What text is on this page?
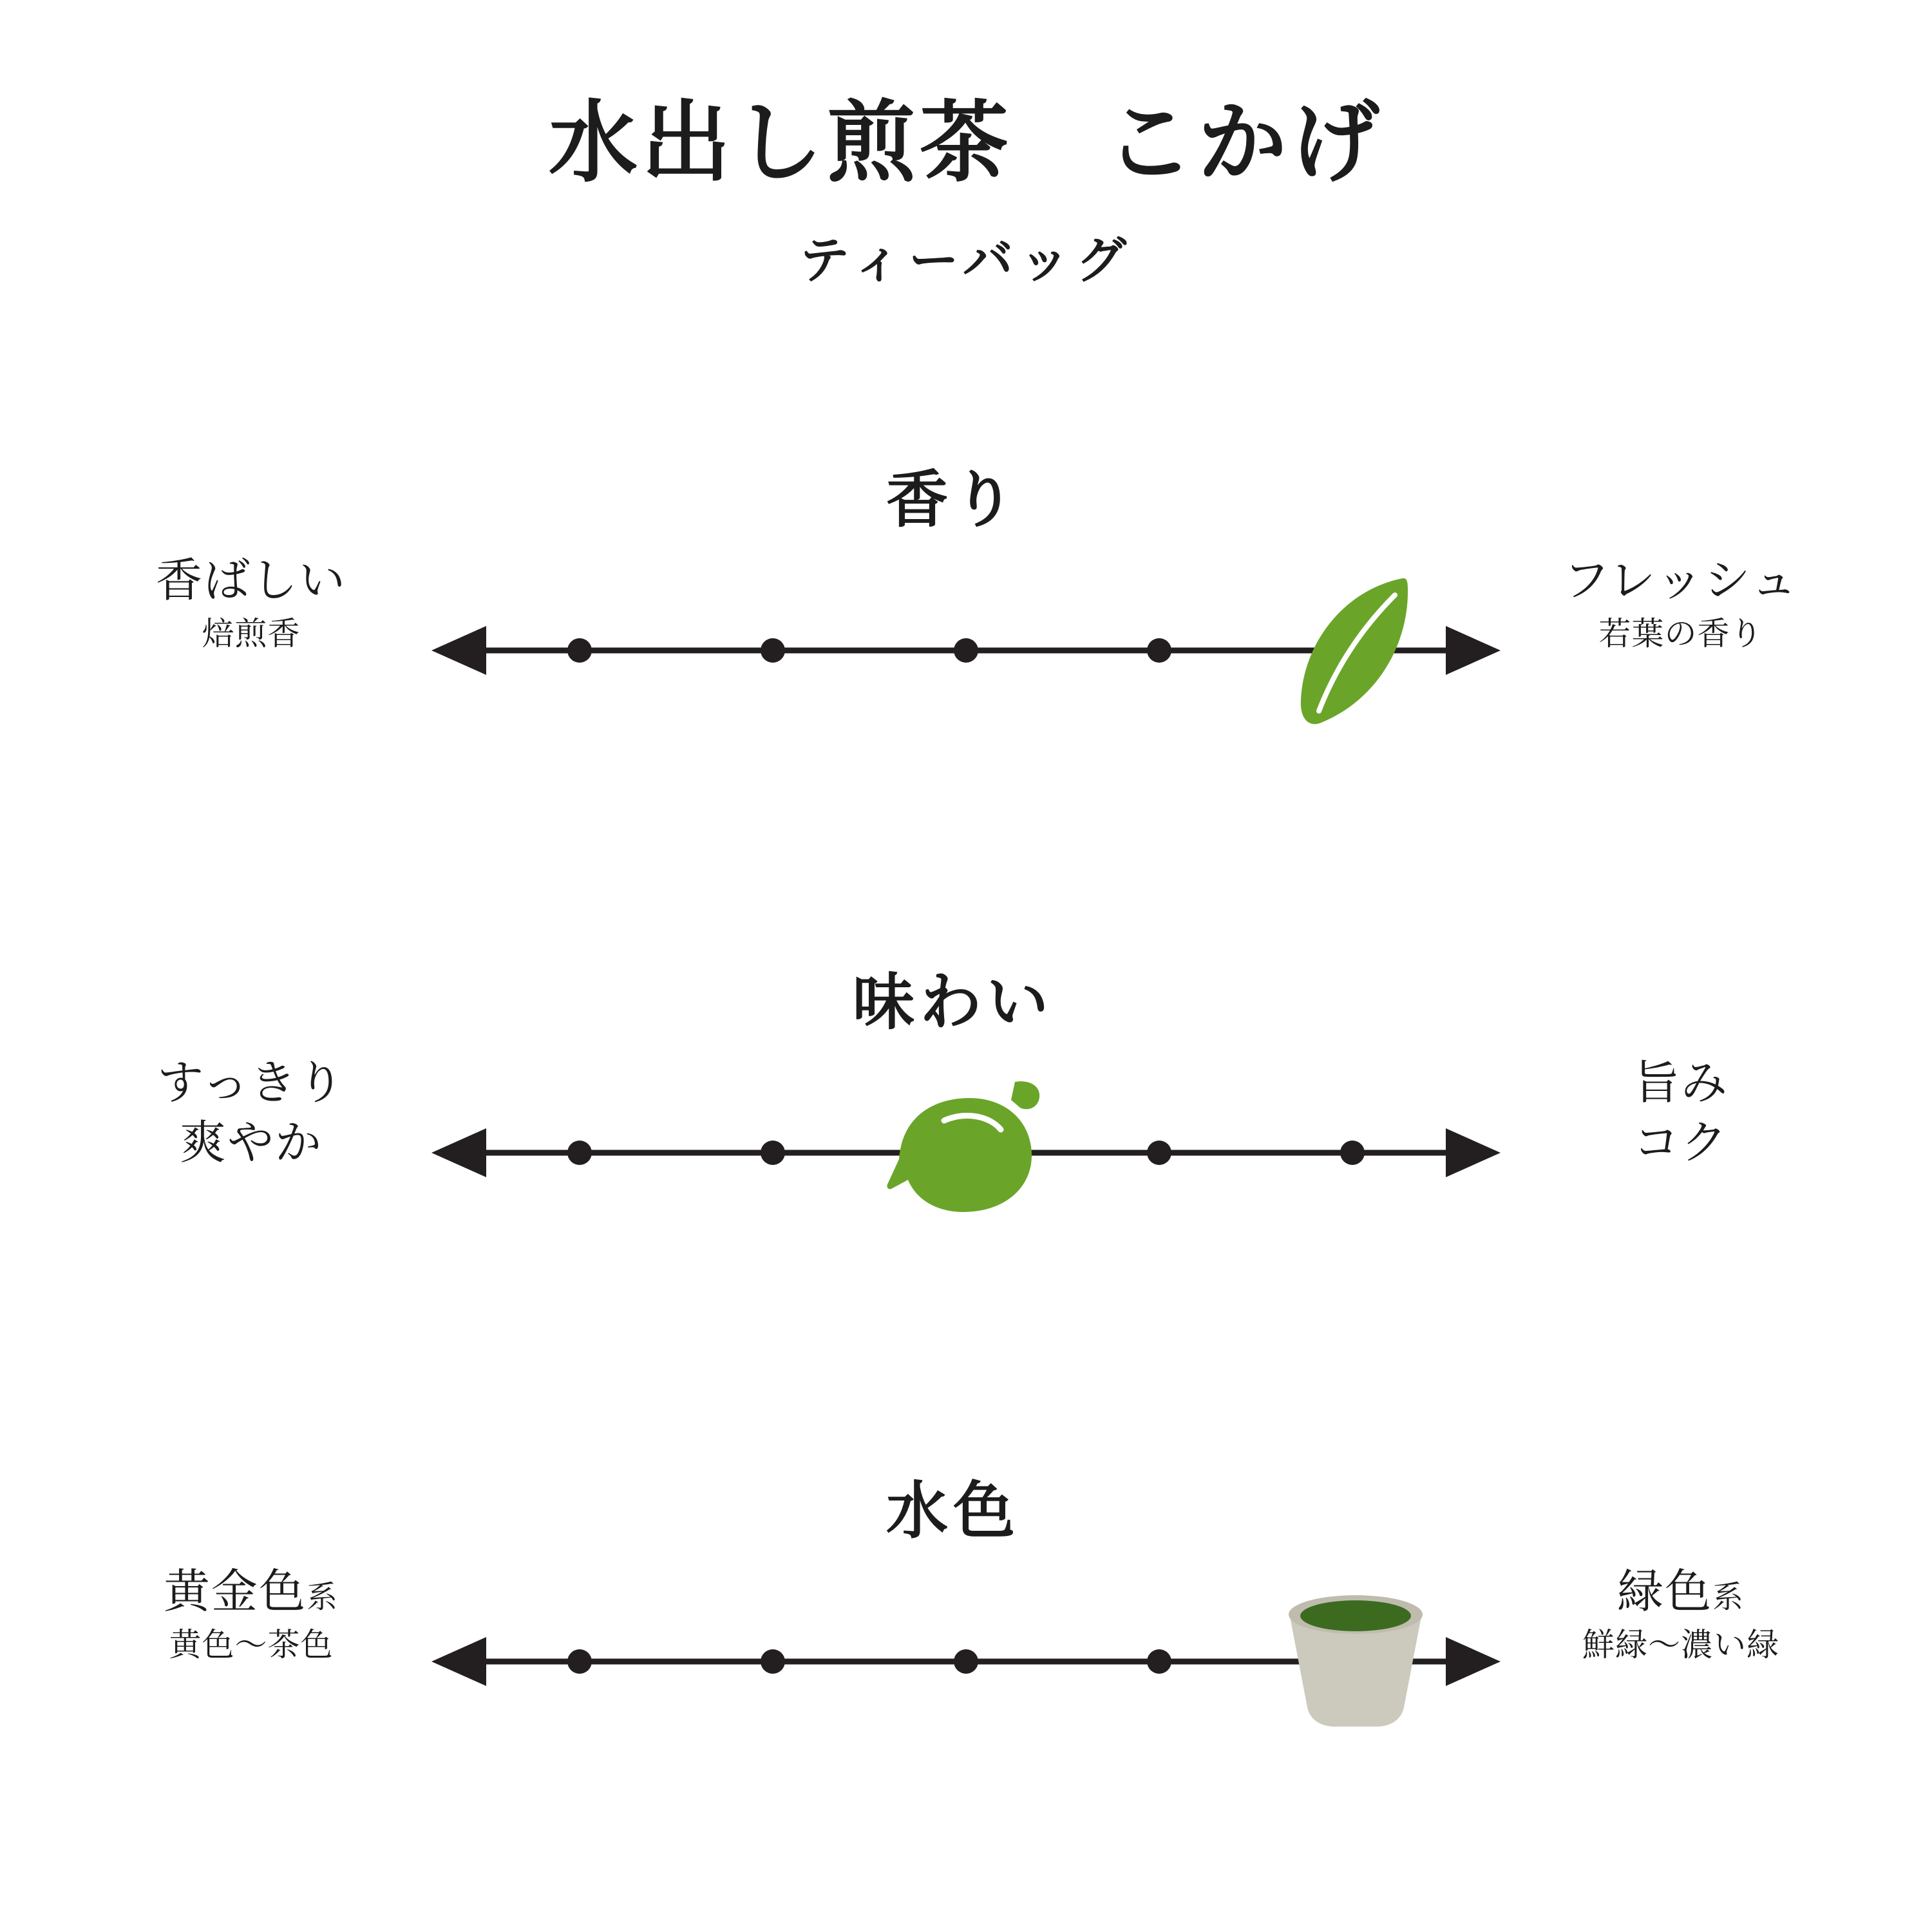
水出し煎茶　こかげ
ティーバッグ
香り
香ばしい
焙煎香
フレッシュ
若葉の香り
味わい
すっきり
爽やか
旨み
コク
水色
黄金色系
黄色〜茶色
緑色系
鮮緑〜濃い緑
